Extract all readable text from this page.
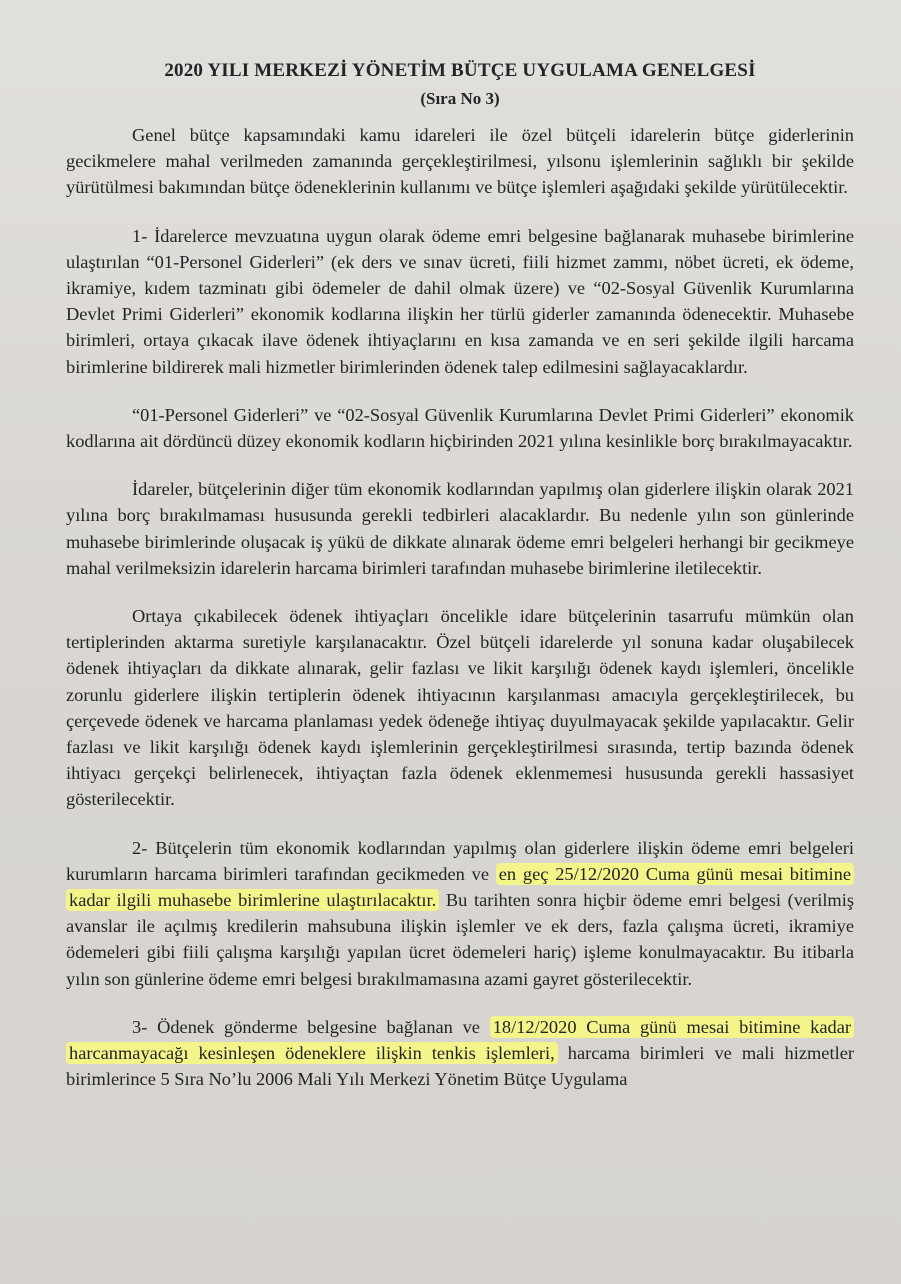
2020 YILI MERKEZİ YÖNETİM BÜTÇE UYGULAMA GENELGESİ
(Sıra No 3)

Genel bütçe kapsamındaki kamu idareleri ile özel bütçeli idarelerin bütçe giderlerinin gecikmelere mahal verilmeden zamanında gerçekleştirilmesi, yılsonu işlemlerinin sağlıklı bir şekilde yürütülmesi bakımından bütçe ödeneklerinin kullanımı ve bütçe işlemleri aşağıdaki şekilde yürütülecektir.

1- İdarelerce mevzuatına uygun olarak ödeme emri belgesine bağlanarak muhasebe birimlerine ulaştırılan “01-Personel Giderleri” (ek ders ve sınav ücreti, fiili hizmet zammı, nöbet ücreti, ek ödeme, ikramiye, kıdem tazminatı gibi ödemeler de dahil olmak üzere) ve “02-Sosyal Güvenlik Kurumlarına Devlet Primi Giderleri” ekonomik kodlarına ilişkin her türlü giderler zamanında ödenecektir. Muhasebe birimleri, ortaya çıkacak ilave ödenek ihtiyaçlarını en kısa zamanda ve en seri şekilde ilgili harcama birimlerine bildirerek mali hizmetler birimlerinden ödenek talep edilmesini sağlayacaklardır.

“01-Personel Giderleri” ve “02-Sosyal Güvenlik Kurumlarına Devlet Primi Giderleri” ekonomik kodlarına ait dördüncü düzey ekonomik kodların hiçbirinden 2021 yılına kesinlikle borç bırakılmayacaktır.

İdareler, bütçelerinin diğer tüm ekonomik kodlarından yapılmış olan giderlere ilişkin olarak 2021 yılına borç bırakılmaması hususunda gerekli tedbirleri alacaklardır. Bu nedenle yılın son günlerinde muhasebe birimlerinde oluşacak iş yükü de dikkate alınarak ödeme emri belgeleri herhangi bir gecikmeye mahal verilmeksizin idarelerin harcama birimleri tarafından muhasebe birimlerine iletilecektir.

Ortaya çıkabilecek ödenek ihtiyaçları öncelikle idare bütçelerinin tasarrufu mümkün olan tertiplerinden aktarma suretiyle karşılanacaktır. Özel bütçeli idarelerde yıl sonuna kadar oluşabilecek ödenek ihtiyaçları da dikkate alınarak, gelir fazlası ve likit karşılığı ödenek kaydı işlemleri, öncelikle zorunlu giderlere ilişkin tertiplerin ödenek ihtiyacının karşılanması amacıyla gerçekleştirilecek, bu çerçevede ödenek ve harcama planlaması yedek ödeneğe ihtiyaç duyulmayacak şekilde yapılacaktır. Gelir fazlası ve likit karşılığı ödenek kaydı işlemlerinin gerçekleştirilmesi sırasında, tertip bazında ödenek ihtiyacı gerçekçi belirlenecek, ihtiyaçtan fazla ödenek eklenmemesi hususunda gerekli hassasiyet gösterilecektir.

2- Bütçelerin tüm ekonomik kodlarından yapılmış olan giderlere ilişkin ödeme emri belgeleri kurumların harcama birimleri tarafından gecikmeden ve en geç 25/12/2020 Cuma günü mesai bitimine kadar ilgili muhasebe birimlerine ulaştırılacaktır. Bu tarihten sonra hiçbir ödeme emri belgesi (verilmiş avanslar ile açılmış kredilerin mahsubuna ilişkin işlemler ve ek ders, fazla çalışma ücreti, ikramiye ödemeleri gibi fiili çalışma karşılığı yapılan ücret ödemeleri hariç) işleme konulmayacaktır. Bu itibarla yılın son günlerine ödeme emri belgesi bırakılmamasına azami gayret gösterilecektir.

3- Ödenek gönderme belgesine bağlanan ve 18/12/2020 Cuma günü mesai bitimine kadar harcanmayacağı kesinleşen ödeneklere ilişkin tenkis işlemleri, harcama birimleri ve mali hizmetler birimlerince 5 Sıra No’lu 2006 Mali Yılı Merkezi Yönetim Bütçe Uygulama
